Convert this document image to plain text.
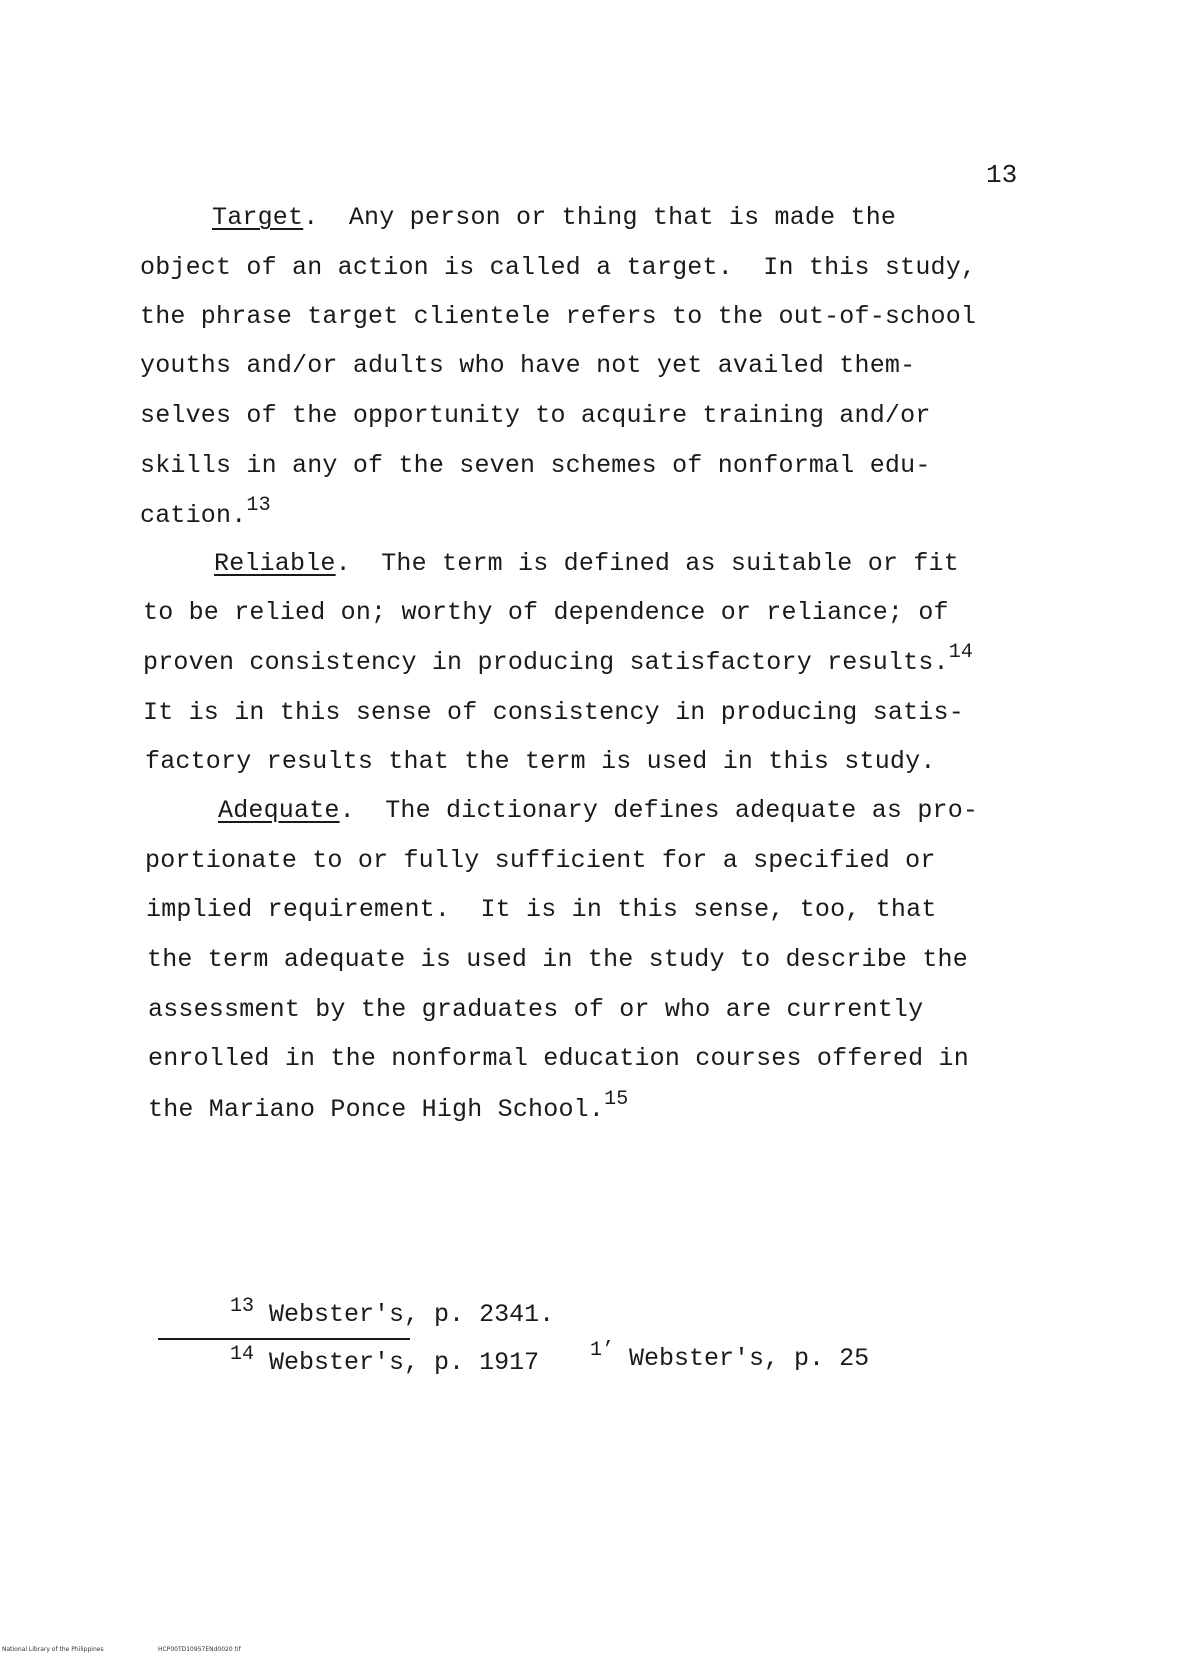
13
Target.  Any person or thing that is made the
object of an action is called a target.  In this study,
the phrase target clientele refers to the out-of-school
youths and/or adults who have not yet availed them-
selves of the opportunity to acquire training and/or
skills in any of the seven schemes of nonformal edu-
cation.$^{13}$
Reliable.  The term is defined as suitable or fit
to be relied on; worthy of dependence or reliance; of
proven consistency in producing satisfactory results.$^{14}$
It is in this sense of consistency in producing satis-
factory results that the term is used in this study.
Adequate.  The dictionary defines adequate as pro-
portionate to or fully sufficient for a specified or
implied requirement.  It is in this sense, too, that
the term adequate is used in the study to describe the
assessment by the graduates of or who are currently
enrolled in the nonformal education courses offered in
the Mariano Ponce High School.$^{15}$
$^{13}$ Webster's, p. 2341.
$^{14}$ Webster's, p. 1917	$^{1’}$ Webster's, p. 25
National Library of the Philippines	HCP00TD10957ENd0020 tif
